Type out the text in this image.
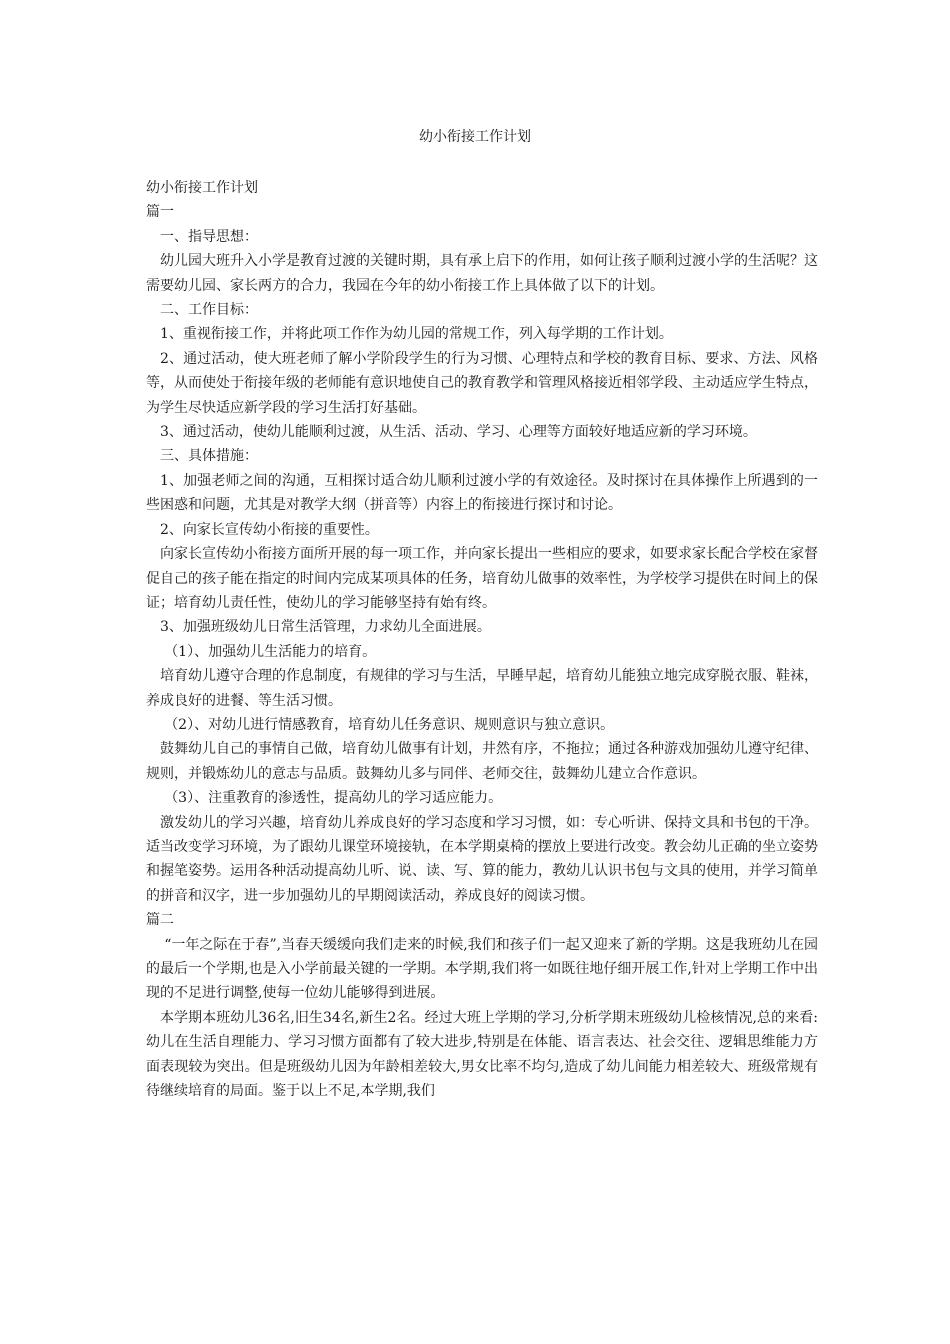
幼小衔接工作计划

幼小衔接工作计划

篇一

一、指导思想：

幼儿园大班升入小学是教育过渡的关键时期，具有承上启下的作用，如何让孩子顺利过渡小学的生活呢？这需要幼儿园、家长两方的合力，我园在今年的幼小衔接工作上具体做了以下的计划。

二、工作目标：

1、重视衔接工作，并将此项工作作为幼儿园的常规工作，列入每学期的工作计划。

2、通过活动，使大班老师了解小学阶段学生的行为习惯、心理特点和学校的教育目标、要求、方法、风格等，从而使处于衔接年级的老师能有意识地使自己的教育教学和管理风格接近相邻学段、主动适应学生特点，为学生尽快适应新学段的学习生活打好基础。

3、通过活动，使幼儿能顺利过渡，从生活、活动、学习、心理等方面较好地适应新的学习环境。

三、具体措施：

1、加强老师之间的沟通，互相探讨适合幼儿顺利过渡小学的有效途径。及时探讨在具体操作上所遇到的一些困惑和问题，尤其是对教学大纲（拼音等）内容上的衔接进行探讨和讨论。

2、向家长宣传幼小衔接的重要性。

向家长宣传幼小衔接方面所开展的每一项工作，并向家长提出一些相应的要求，如要求家长配合学校在家督促自己的孩子能在指定的时间内完成某项具体的任务，培育幼儿做事的效率性，为学校学习提供在时间上的保证；培育幼儿责任性，使幼儿的学习能够坚持有始有终。

3、加强班级幼儿日常生活管理，力求幼儿全面进展。

（1）、加强幼儿生活能力的培育。

培育幼儿遵守合理的作息制度，有规律的学习与生活，早睡早起，培育幼儿能独立地完成穿脱衣服、鞋袜，养成良好的进餐、等生活习惯。

（2）、对幼儿进行情感教育，培育幼儿任务意识、规则意识与独立意识。

鼓舞幼儿自己的事情自己做，培育幼儿做事有计划，井然有序，不拖拉；通过各种游戏加强幼儿遵守纪律、规则，并锻炼幼儿的意志与品质。鼓舞幼儿多与同伴、老师交往，鼓舞幼儿建立合作意识。

（3）、注重教育的渗透性，提高幼儿的学习适应能力。

激发幼儿的学习兴趣，培育幼儿养成良好的学习态度和学习习惯，如：专心听讲、保持文具和书包的干净。适当改变学习环境，为了跟幼儿课堂环境接轨，在本学期桌椅的摆放上要进行改变。教会幼儿正确的坐立姿势和握笔姿势。运用各种活动提高幼儿听、说、读、写、算的能力，教幼儿认识书包与文具的使用，并学习简单的拼音和汉字，进一步加强幼儿的早期阅读活动，养成良好的阅读习惯。

篇二

“一年之际在于春”,当春天缓缓向我们走来的时候,我们和孩子们一起又迎来了新的学期。这是我班幼儿在园的最后一个学期,也是入小学前最关键的一学期。本学期,我们将一如既往地仔细开展工作,针对上学期工作中出现的不足进行调整,使每一位幼儿能够得到进展。

本学期本班幼儿36名,旧生34名,新生2名。经过大班上学期的学习,分析学期末班级幼儿检核情况,总的来看:幼儿在生活自理能力、学习习惯方面都有了较大进步,特别是在体能、语言表达、社会交往、逻辑思维能力方面表现较为突出。但是班级幼儿因为年龄相差较大,男女比率不均匀,造成了幼儿间能力相差较大、班级常规有待继续培育的局面。鉴于以上不足,本学期,我们
